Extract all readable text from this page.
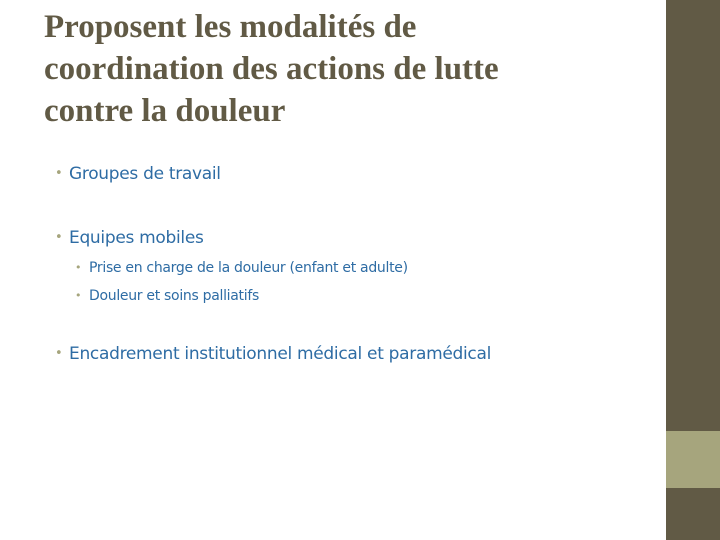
Proposent les modalités de
coordination des actions de lutte
contre la douleur
• Groupes de travail
• Equipes mobiles
• Prise en charge de la douleur (enfant et adulte)
• Douleur et soins palliatifs
• Encadrement institutionnel médical et paramédical
